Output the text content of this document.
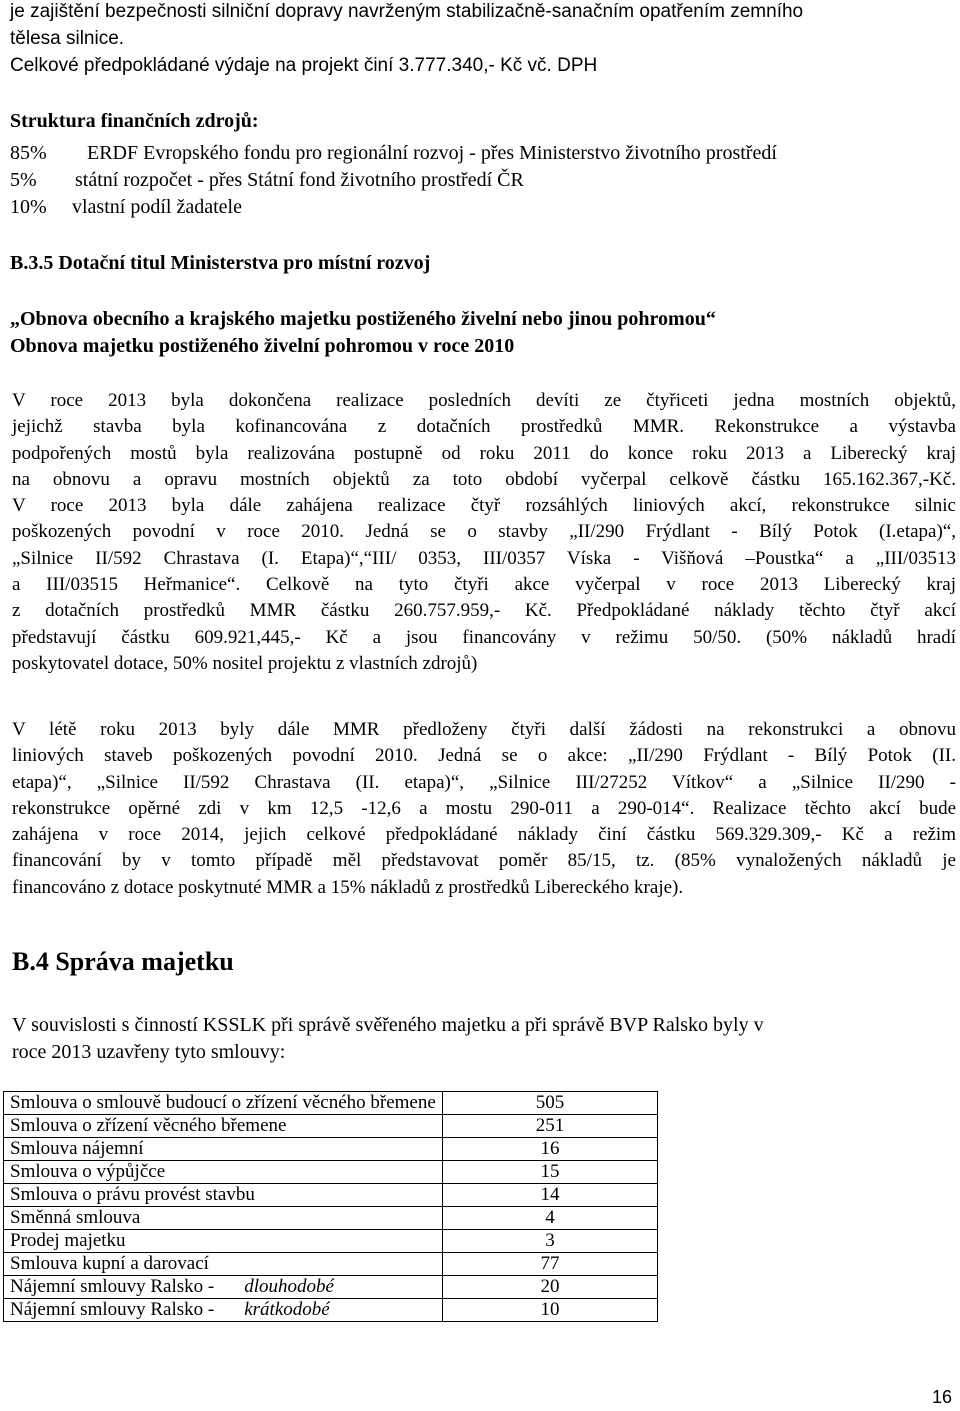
je zajištění bezpečnosti silniční dopravy navrženým stabilizačně-sanačním opatřením zemního
tělesa silnice.
Celkové předpokládané výdaje na projekt činí 3.777.340,- Kč vč. DPH
Struktura finančních zdrojů:
85% ERDF Evropského fondu pro regionální rozvoj - přes Ministerstvo životního prostředí
5% státní rozpočet - přes Státní fond životního prostředí ČR
10% vlastní podíl žadatele
B.3.5 Dotační titul Ministerstva pro místní rozvoj
„Obnova obecního a krajského majetku postiženého živelní nebo jinou pohromou“
Obnova majetku postiženého živelní pohromou v roce 2010
V roce 2013 byla dokončena realizace posledních devíti ze čtyřiceti jedna mostních objektů,
jejichž stavba byla kofinancována z dotačních prostředků MMR. Rekonstrukce a výstavba
podpořených mostů byla realizována postupně od roku 2011 do konce roku 2013 a Liberecký kraj
na obnovu a opravu mostních objektů za toto období vyčerpal celkově částku 165.162.367,-Kč.
V roce 2013 byla dále zahájena realizace čtyř rozsáhlých liniových akcí, rekonstrukce silnic
poškozených povodní v roce 2010. Jedná se o stavby „II/290 Frýdlant - Bílý Potok (I.etapa)“,
„Silnice II/592 Chrastava (I. Etapa)“,“III/ 0353, III/0357 Víska - Višňová –Poustka“ a „III/03513
a III/03515 Heřmanice“. Celkově na tyto čtyři akce vyčerpal v roce 2013 Liberecký kraj
z dotačních prostředků MMR částku 260.757.959,- Kč. Předpokládané náklady těchto čtyř akcí
představují částku 609.921,445,- Kč a jsou financovány v režimu 50/50. (50% nákladů hradí
poskytovatel dotace, 50% nositel projektu z vlastních zdrojů)
V létě roku 2013 byly dále MMR předloženy čtyři další žádosti na rekonstrukci a obnovu
liniových staveb poškozených povodní 2010. Jedná se o akce: „II/290 Frýdlant - Bílý Potok (II.
etapa)“, „Silnice II/592 Chrastava (II. etapa)“, „Silnice III/27252 Vítkov“ a „Silnice II/290 -
rekonstrukce opěrné zdi v km 12,5 -12,6 a mostu 290-011 a 290-014“. Realizace těchto akcí bude
zahájena v roce 2014, jejich celkové předpokládané náklady činí částku 569.329.309,- Kč a režim
financování by v tomto případě měl představovat poměr 85/15, tz. (85% vynaložených nákladů je
financováno z dotace poskytnuté MMR a 15% nákladů z prostředků Libereckého kraje).
B.4 Správa majetku
V souvislosti s činností KSSLK při správě svěřeného majetku a při správě BVP Ralsko byly v
roce 2013 uzavřeny tyto smlouvy:
Smlouva o smlouvě budoucí o zřízení věcného břemene	505
Smlouva o zřízení věcného břemene	251
Smlouva nájemní	16
Smlouva o výpůjčce	15
Smlouva o právu provést stavbu	14
Směnná smlouva	4
Prodej majetku	3
Smlouva kupní a darovací	77
Nájemní smlouvy Ralsko - dlouhodobé	20
Nájemní smlouvy Ralsko - krátkodobé	10
16
